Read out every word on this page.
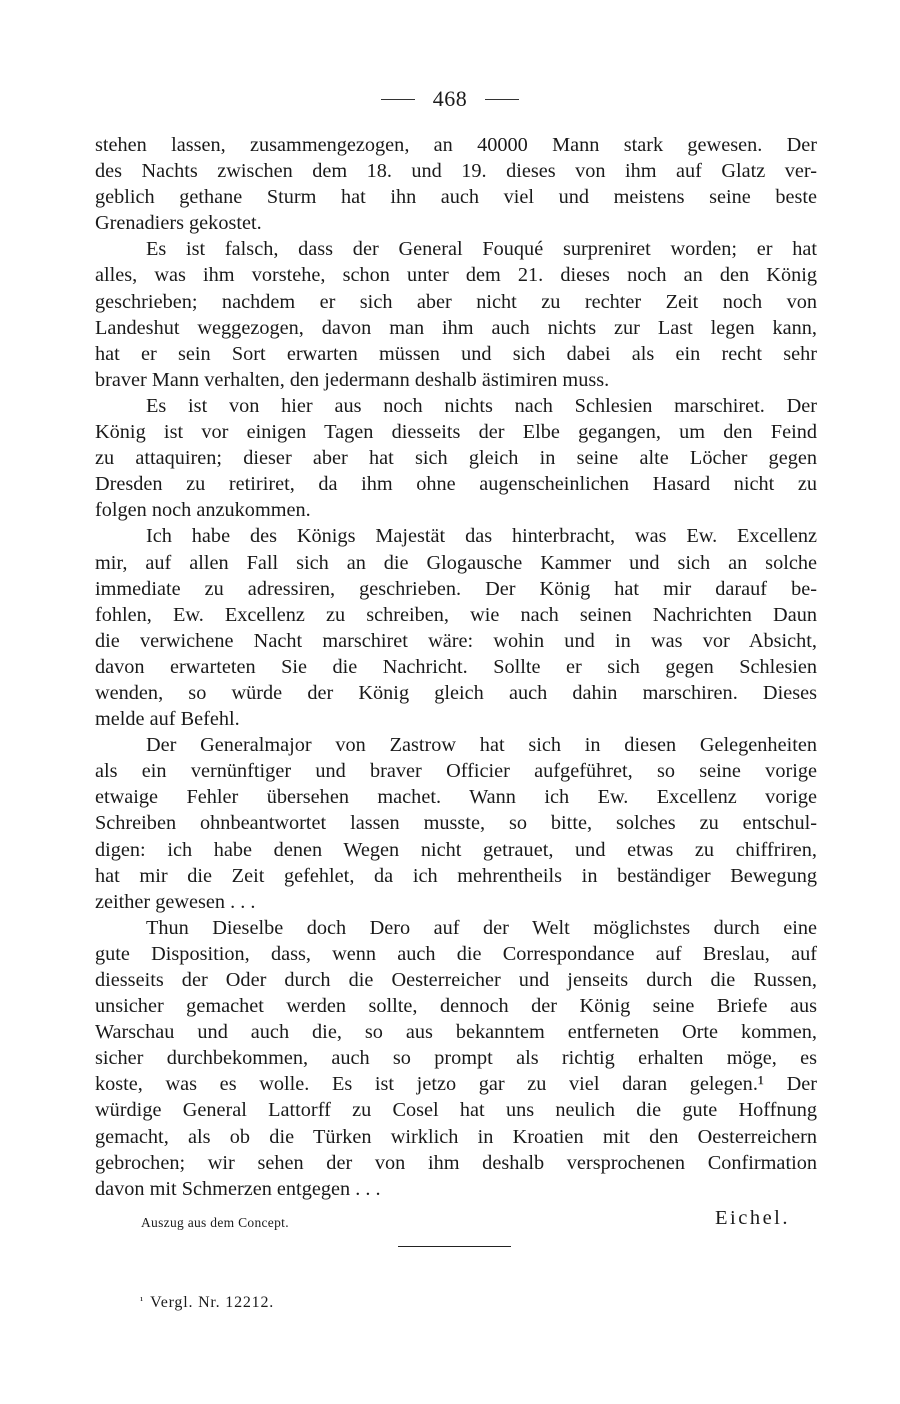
468
stehen lassen, zusammengezogen, an 40000 Mann stark gewesen. Der
des Nachts zwischen dem 18. und 19. dieses von ihm auf Glatz ver-
geblich gethane Sturm hat ihn auch viel und meistens seine beste
Grenadiers gekostet.
Es ist falsch, dass der General Fouqué surpreniret worden; er hat
alles, was ihm vorstehe, schon unter dem 21. dieses noch an den König
geschrieben; nachdem er sich aber nicht zu rechter Zeit noch von
Landeshut weggezogen, davon man ihm auch nichts zur Last legen kann,
hat er sein Sort erwarten müssen und sich dabei als ein recht sehr
braver Mann verhalten, den jedermann deshalb ästimiren muss.
Es ist von hier aus noch nichts nach Schlesien marschiret. Der
König ist vor einigen Tagen diesseits der Elbe gegangen, um den Feind
zu attaquiren; dieser aber hat sich gleich in seine alte Löcher gegen
Dresden zu retiriret, da ihm ohne augenscheinlichen Hasard nicht zu
folgen noch anzukommen.
Ich habe des Königs Majestät das hinterbracht, was Ew. Excellenz
mir, auf allen Fall sich an die Glogausche Kammer und sich an solche
immediate zu adressiren, geschrieben. Der König hat mir darauf be-
fohlen, Ew. Excellenz zu schreiben, wie nach seinen Nachrichten Daun
die verwichene Nacht marschiret wäre: wohin und in was vor Absicht,
davon erwarteten Sie die Nachricht. Sollte er sich gegen Schlesien
wenden, so würde der König gleich auch dahin marschiren. Dieses
melde auf Befehl.
Der Generalmajor von Zastrow hat sich in diesen Gelegenheiten
als ein vernünftiger und braver Officier aufgeführet, so seine vorige
etwaige Fehler übersehen machet. Wann ich Ew. Excellenz vorige
Schreiben ohnbeantwortet lassen musste, so bitte, solches zu entschul-
digen: ich habe denen Wegen nicht getrauet, und etwas zu chiffriren,
hat mir die Zeit gefehlet, da ich mehrentheils in beständiger Bewegung
zeither gewesen . . .
Thun Dieselbe doch Dero auf der Welt möglichstes durch eine
gute Disposition, dass, wenn auch die Correspondance auf Breslau, auf
diesseits der Oder durch die Oesterreicher und jenseits durch die Russen,
unsicher gemachet werden sollte, dennoch der König seine Briefe aus
Warschau und auch die, so aus bekanntem entferneten Orte kommen,
sicher durchbekommen, auch so prompt als richtig erhalten möge, es
koste, was es wolle. Es ist jetzo gar zu viel daran gelegen.¹ Der
würdige General Lattorff zu Cosel hat uns neulich die gute Hoffnung
gemacht, als ob die Türken wirklich in Kroatien mit den Oesterreichern
gebrochen; wir sehen der von ihm deshalb versprochenen Confirmation
davon mit Schmerzen entgegen . . .
Auszug aus dem Concept.	Eichel.
¹ Vergl. Nr. 12212.
